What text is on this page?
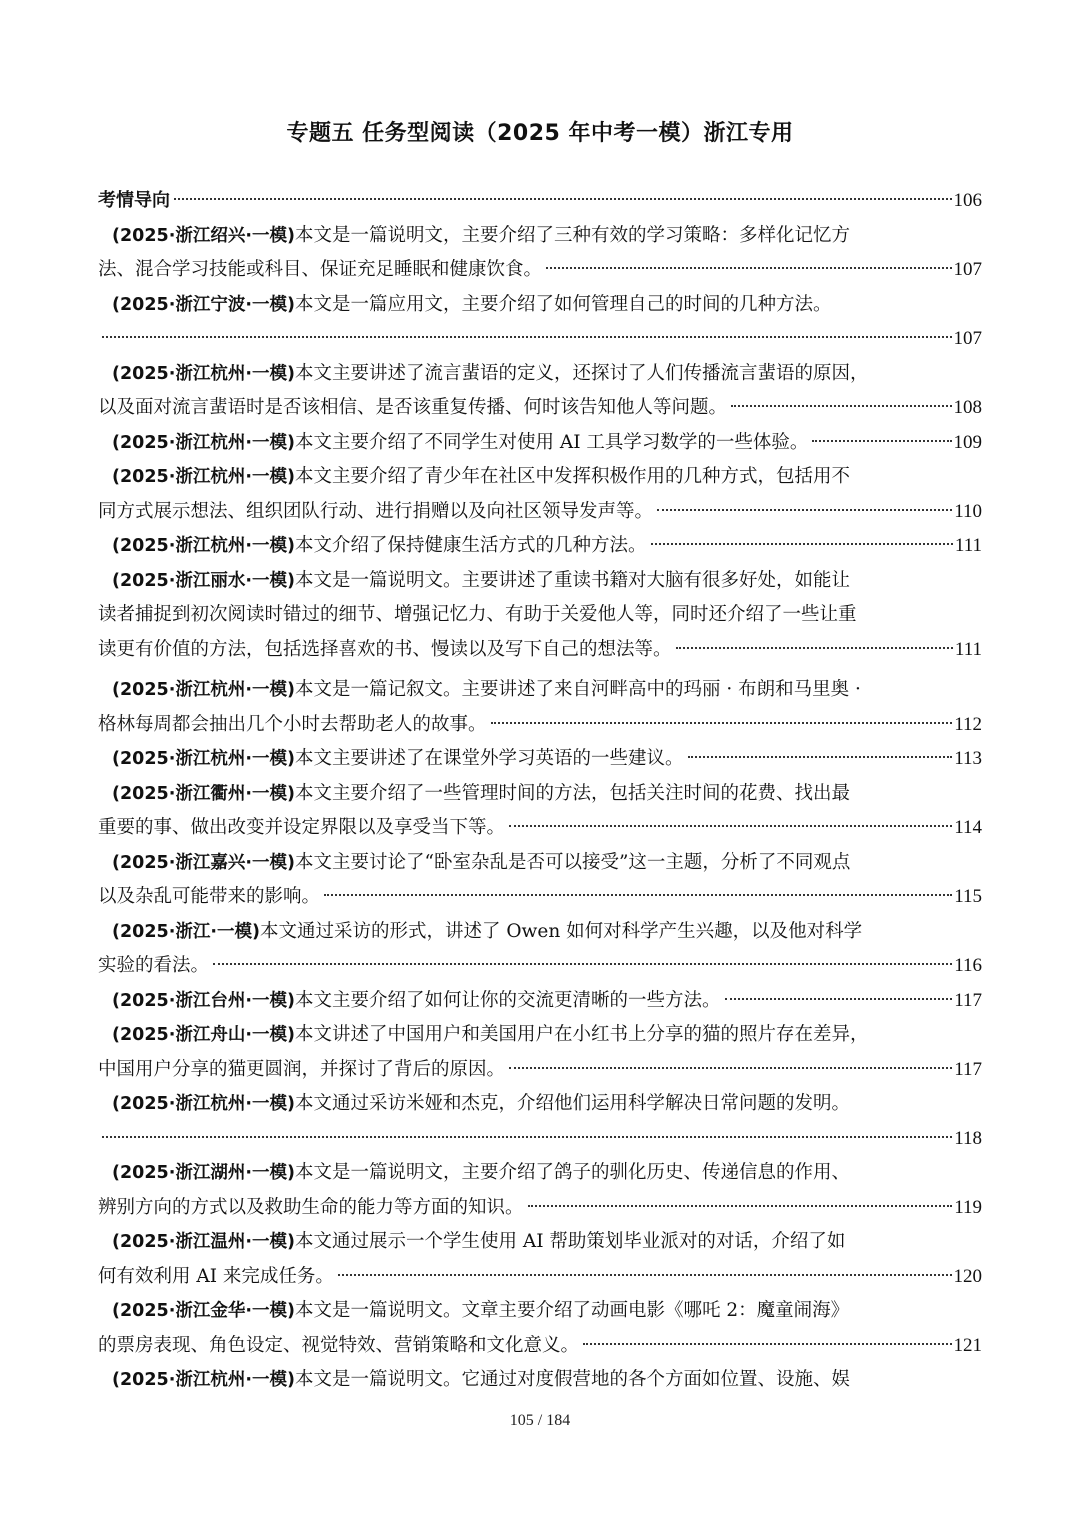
专题五 任务型阅读（2025 年中考一模）浙江专用
考情导向	106
(2025·浙江绍兴·一模) 本文是一篇说明文，主要介绍了三种有效的学习策略：多样化记忆方
法、混合学习技能或科目、保证充足睡眠和健康饮食。	107
(2025·浙江宁波·一模) 本文是一篇应用文，主要介绍了如何管理自己的时间的几种方法。
107
(2025·浙江杭州·一模) 本文主要讲述了流言蜚语的定义，还探讨了人们传播流言蜚语的原因，
以及面对流言蜚语时是否该相信、是否该重复传播、何时该告知他人等问题。	108
(2025·浙江杭州·一模) 本文主要介绍了不同学生对使用 AI 工具学习数学的一些体验。	109
(2025·浙江杭州·一模) 本文主要介绍了青少年在社区中发挥积极作用的几种方式，包括用不
同方式展示想法、组织团队行动、进行捐赠以及向社区领导发声等。	110
(2025·浙江杭州·一模) 本文介绍了保持健康生活方式的几种方法。	111
(2025·浙江丽水·一模) 本文是一篇说明文。主要讲述了重读书籍对大脑有很多好处，如能让
读者捕捉到初次阅读时错过的细节、增强记忆力、有助于关爱他人等，同时还介绍了一些让重
读更有价值的方法，包括选择喜欢的书、慢读以及写下自己的想法等。	111
(2025·浙江杭州·一模) 本文是一篇记叙文。主要讲述了来自河畔高中的玛丽 · 布朗和马里奥 ·
格林每周都会抽出几个小时去帮助老人的故事。	112
(2025·浙江杭州·一模) 本文主要讲述了在课堂外学习英语的一些建议。	113
(2025·浙江衢州·一模) 本文主要介绍了一些管理时间的方法，包括关注时间的花费、找出最
重要的事、做出改变并设定界限以及享受当下等。	114
(2025·浙江嘉兴·一模) 本文主要讨论了“卧室杂乱是否可以接受”这一主题，分析了不同观点
以及杂乱可能带来的影响。	115
(2025·浙江·一模) 本文通过采访的形式，讲述了 Owen 如何对科学产生兴趣，以及他对科学
实验的看法。	116
(2025·浙江台州·一模) 本文主要介绍了如何让你的交流更清晰的一些方法。	117
(2025·浙江舟山·一模) 本文讲述了中国用户和美国用户在小红书上分享的猫的照片存在差异，
中国用户分享的猫更圆润，并探讨了背后的原因。	117
(2025·浙江杭州·一模) 本文通过采访米娅和杰克，介绍他们运用科学解决日常问题的发明。
118
(2025·浙江湖州·一模) 本文是一篇说明文，主要介绍了鸽子的驯化历史、传递信息的作用、
辨别方向的方式以及救助生命的能力等方面的知识。	119
(2025·浙江温州·一模) 本文通过展示一个学生使用 AI 帮助策划毕业派对的对话，介绍了如
何有效利用 AI 来完成任务。	120
(2025·浙江金华·一模) 本文是一篇说明文。文章主要介绍了动画电影《哪吒 2：魔童闹海》
的票房表现、角色设定、视觉特效、营销策略和文化意义。	121
(2025·浙江杭州·一模) 本文是一篇说明文。它通过对度假营地的各个方面如位置、设施、娱
105 / 184
